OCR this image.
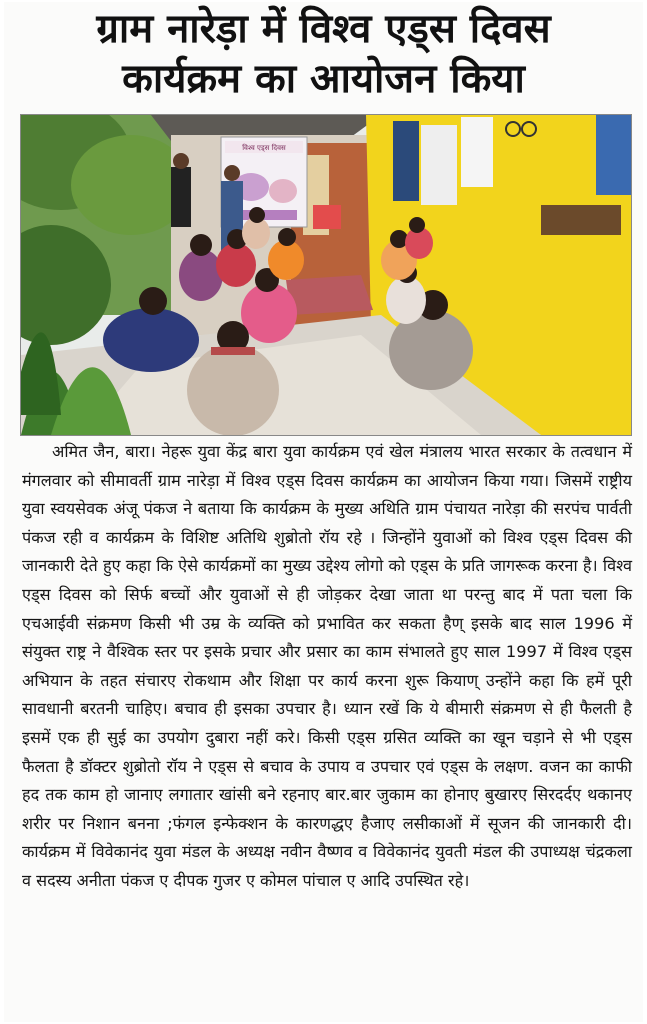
ग्राम नारेड़ा में विश्व एड्स दिवस
कार्यक्रम का आयोजन किया
विश्व एड्स दिवस
अमित जैन, बारा। नेहरू युवा केंद्र बारा युवा कार्यक्रम एवं खेल मंत्रालय भारत सरकार के तत्वधान में मंगलवार को सीमावर्ती ग्राम नारेड़ा में विश्व एड्स दिवस कार्यक्रम का आयोजन किया गया। जिसमें राष्ट्रीय युवा स्वयसेवक अंजू पंकज ने बताया कि कार्यक्रम के मुख्य अथिति ग्राम पंचायत नारेड़ा की सरपंच पार्वती पंकज रही व कार्यक्रम के विशिष्ट अतिथि शुब्रोतो रॉय रहे । जिन्होंने युवाओं को विश्व एड्स दिवस की जानकारी देते हुए कहा कि ऐसे कार्यक्रमों का मुख्य उद्देश्य लोगो को एड्स के प्रति जागरूक करना है। विश्व एड्स दिवस को सिर्फ बच्चों और युवाओं से ही जोड़कर देखा जाता था परन्तु बाद में पता चला कि एचआईवी संक्रमण किसी भी उम्र के व्यक्ति को प्रभावित कर सकता हैण् इसके बाद साल 1996 में संयुक्त राष्ट्र ने वैश्विक स्तर पर इसके प्रचार और प्रसार का काम संभालते हुए साल 1997 में विश्व एड्स अभियान के तहत संचारए रोकथाम और शिक्षा पर कार्य करना शुरू कियाण् उन्होंने कहा कि हमें पूरी सावधानी बरतनी चाहिए। बचाव ही इसका उपचार है। ध्यान रखें कि ये बीमारी संक्रमण से ही फैलती है इसमें एक ही सुई का उपयोग दुबारा नहीं करे। किसी एड्स ग्रसित व्यक्ति का खून चड़ाने से भी एड्स फैलता है डॉक्टर शुब्रोतो रॉय ने एड्स से बचाव के उपाय व उपचार एवं एड्स के लक्षण. वजन का काफी हद तक काम हो जानाए लगातार खांसी बने रहनाए बार.बार जुकाम का होनाए बुखारए सिरदर्दए थकानए शरीर पर निशान बनना ;फंगल इन्फेक्शन के कारणद्धए हैजाए लसीकाओं में सूजन की जानकारी दी। कार्यक्रम में विवेकानंद युवा मंडल के अध्यक्ष नवीन वैष्णव व विवेकानंद युवती मंडल की उपाध्यक्ष चंद्रकला व सदस्य अनीता पंकज ए दीपक गुजर ए कोमल पांचाल ए आदि उपस्थित रहे।
